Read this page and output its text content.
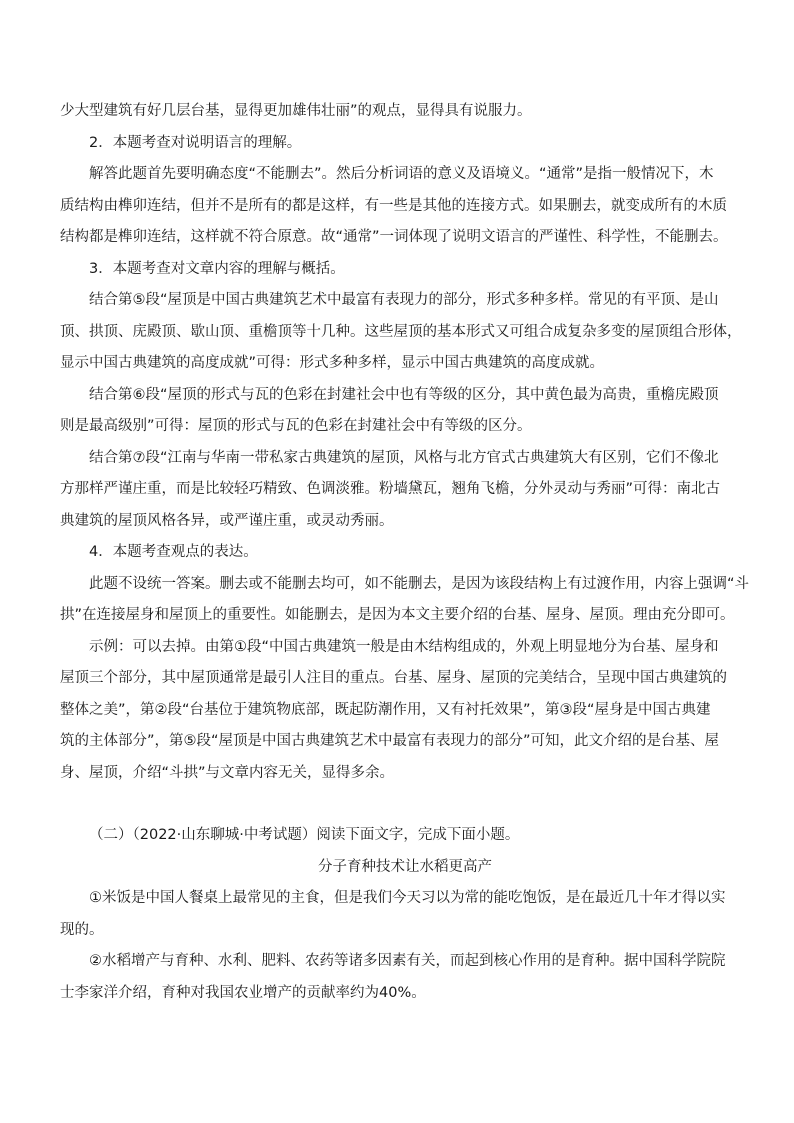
少大型建筑有好几层台基，显得更加雄伟壮丽”的观点，显得具有说服力。

2．本题考查对说明语言的理解。

解答此题首先要明确态度“不能删去”。然后分析词语的意义及语境义。“通常”是指一般情况下，木
质结构由榫卯连结，但并不是所有的都是这样，有一些是其他的连接方式。如果删去，就变成所有的木质
结构都是榫卯连结，这样就不符合原意。故“通常”一词体现了说明文语言的严谨性、科学性，不能删去。

3．本题考查对文章内容的理解与概括。

结合第⑤段“屋顶是中国古典建筑艺术中最富有表现力的部分，形式多种多样。常见的有平顶、是山
顶、拱顶、庑殿顶、歇山顶、重檐顶等十几种。这些屋顶的基本形式又可组合成复杂多变的屋顶组合形体，
显示中国古典建筑的高度成就”可得：形式多种多样，显示中国古典建筑的高度成就。

结合第⑥段“屋顶的形式与瓦的色彩在封建社会中也有等级的区分，其中黄色最为高贵，重檐庑殿顶
则是最高级别”可得：屋顶的形式与瓦的色彩在封建社会中有等级的区分。

结合第⑦段“江南与华南一带私家古典建筑的屋顶，风格与北方官式古典建筑大有区别，它们不像北
方那样严谨庄重，而是比较轻巧精致、色调淡雅。粉墙黛瓦，翘角飞檐，分外灵动与秀丽”可得：南北古
典建筑的屋顶风格各异，或严谨庄重，或灵动秀丽。

4．本题考查观点的表达。

此题不设统一答案。删去或不能删去均可，如不能删去，是因为该段结构上有过渡作用，内容上强调“斗
拱”在连接屋身和屋顶上的重要性。如能删去，是因为本文主要介绍的台基、屋身、屋顶。理由充分即可。

示例：可以去掉。由第①段“中国古典建筑一般是由木结构组成的，外观上明显地分为台基、屋身和
屋顶三个部分，其中屋顶通常是最引人注目的重点。台基、屋身、屋顶的完美结合，呈现中国古典建筑的
整体之美”，第②段“台基位于建筑物底部，既起防潮作用，又有衬托效果”，第③段“屋身是中国古典建
筑的主体部分”，第⑤段“屋顶是中国古典建筑艺术中最富有表现力的部分”可知，此文介绍的是台基、屋
身、屋顶，介绍“斗拱”与文章内容无关，显得多余。

（二）（2022·山东聊城·中考试题）阅读下面文字，完成下面小题。

分子育种技术让水稻更高产

①米饭是中国人餐桌上最常见的主食，但是我们今天习以为常的能吃饱饭，是在最近几十年才得以实
现的。

②水稻增产与育种、水利、肥料、农药等诸多因素有关，而起到核心作用的是育种。据中国科学院院
士李家洋介绍，育种对我国农业增产的贡献率约为40%。
